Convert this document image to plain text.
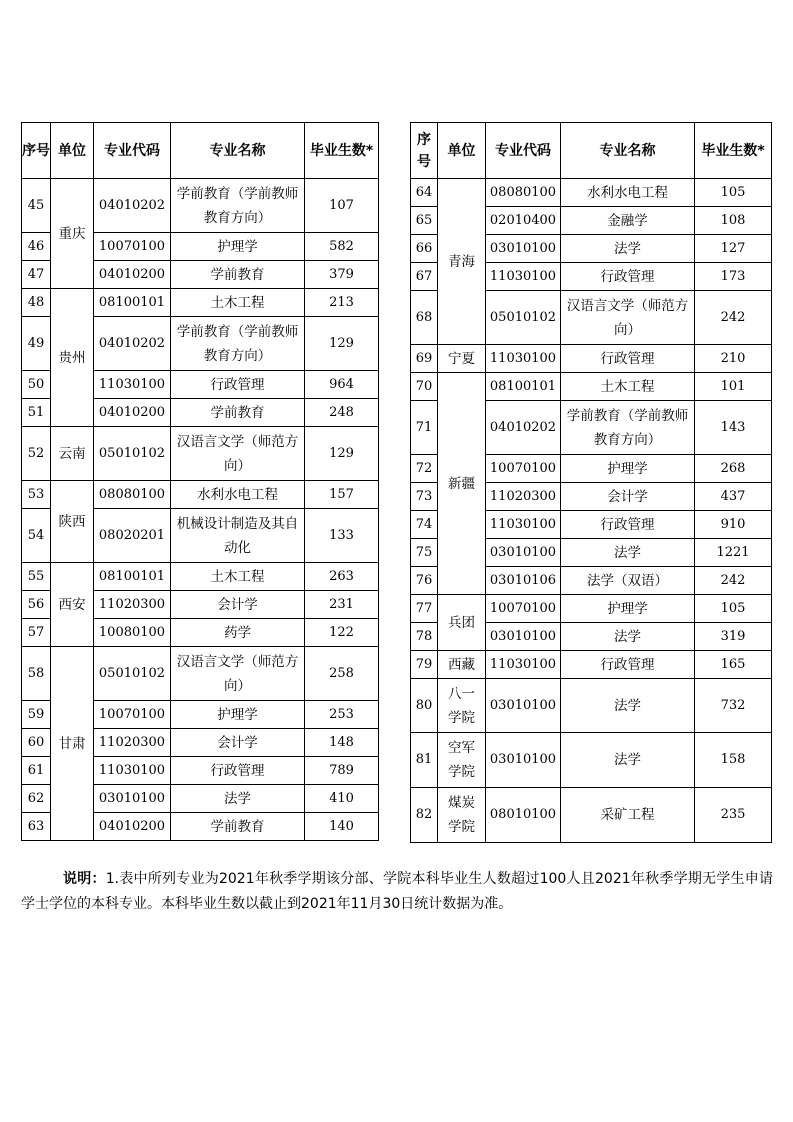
序号	单位	专业代码	专业名称	毕业生数*
45	重庆	04010202	学前教育（学前教师教育方向）	107
46		10070100	护理学	582
47		04010200	学前教育	379
48	贵州	08100101	土木工程	213
49		04010202	学前教育（学前教师教育方向）	129
50		11030100	行政管理	964
51		04010200	学前教育	248
52	云南	05010102	汉语言文学（师范方向）	129
53	陕西	08080100	水利水电工程	157
54		08020201	机械设计制造及其自动化	133
55	西安	08100101	土木工程	263
56		11020300	会计学	231
57		10080100	药学	122
58	甘肃	05010102	汉语言文学（师范方向）	258
59		10070100	护理学	253
60		11020300	会计学	148
61		11030100	行政管理	789
62		03010100	法学	410
63		04010200	学前教育	140
序号	单位	专业代码	专业名称	毕业生数*
64	青海	08080100	水利水电工程	105
65		02010400	金融学	108
66		03010100	法学	127
67		11030100	行政管理	173
68		05010102	汉语言文学（师范方向）	242
69	宁夏	11030100	行政管理	210
70	新疆	08100101	土木工程	101
71		04010202	学前教育（学前教师教育方向）	143
72		10070100	护理学	268
73		11020300	会计学	437
74		11030100	行政管理	910
75		03010100	法学	1221
76		03010106	法学（双语）	242
77	兵团	10070100	护理学	105
78		03010100	法学	319
79	西藏	11030100	行政管理	165
80	八一学院	03010100	法学	732
81	空军学院	03010100	法学	158
82	煤炭学院	08010100	采矿工程	235

说明：1.表中所列专业为2021年秋季学期该分部、学院本科毕业生人数超过100人且2021年秋季学期无学生申请学士学位的本科专业。本科毕业生数以截止到2021年11月30日统计数据为准。
